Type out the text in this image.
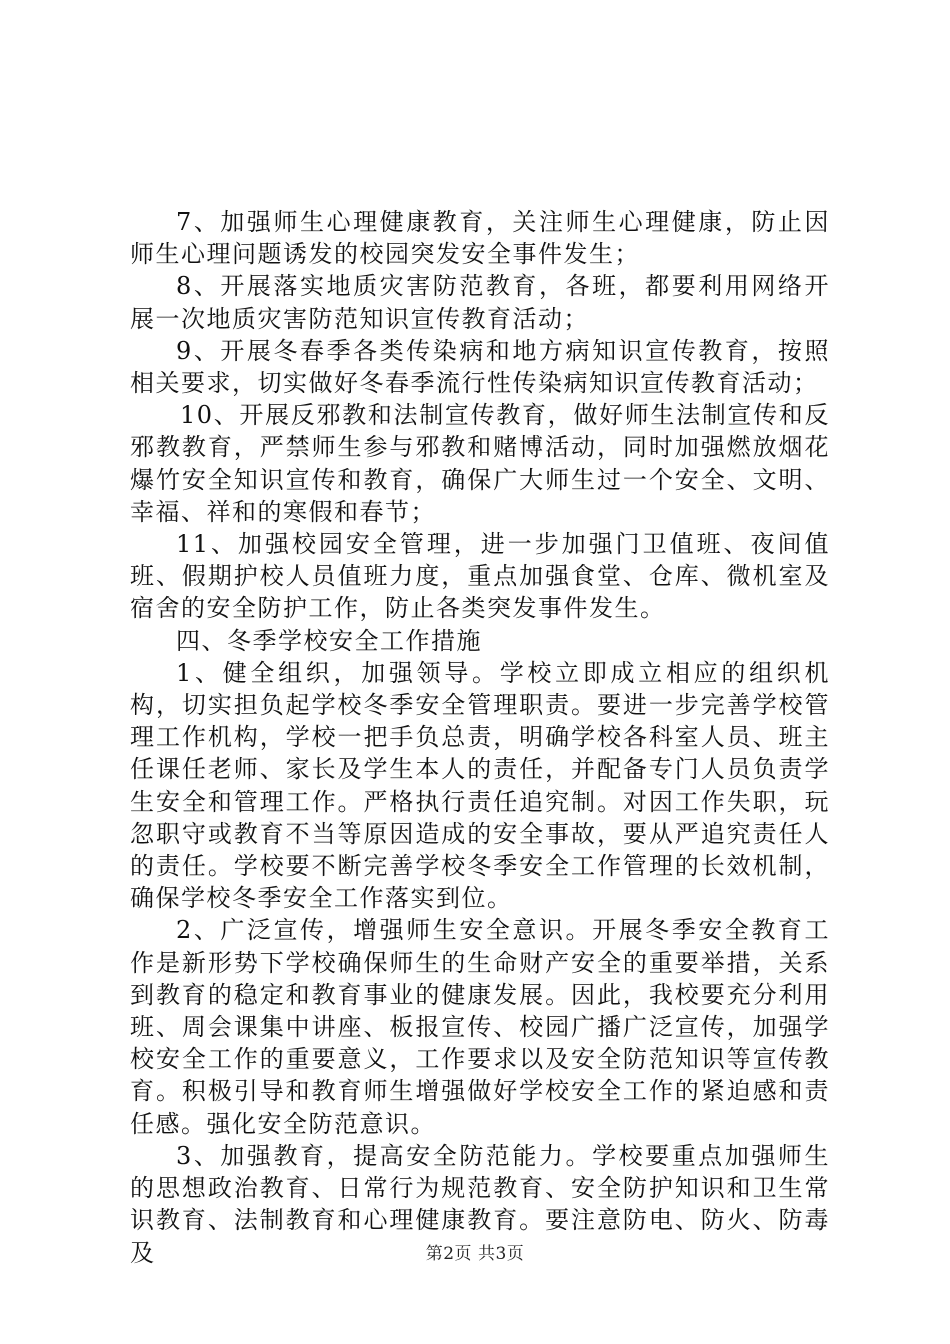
7、加强师生心理健康教育，关注师生心理健康，防止因师生心理问题诱发的校园突发安全事件发生；

8、开展落实地质灾害防范教育，各班，都要利用网络开展一次地质灾害防范知识宣传教育活动；

9、开展冬春季各类传染病和地方病知识宣传教育，按照相关要求，切实做好冬春季流行性传染病知识宣传教育活动；

10、开展反邪教和法制宣传教育，做好师生法制宣传和反邪教教育，严禁师生参与邪教和赌博活动，同时加强燃放烟花爆竹安全知识宣传和教育，确保广大师生过一个安全、文明、幸福、祥和的寒假和春节；

11、加强校园安全管理，进一步加强门卫值班、夜间值班、假期护校人员值班力度，重点加强食堂、仓库、微机室及宿舍的安全防护工作，防止各类突发事件发生。

四、冬季学校安全工作措施

1、健全组织，加强领导。学校立即成立相应的组织机构，切实担负起学校冬季安全管理职责。要进一步完善学校管理工作机构，学校一把手负总责，明确学校各科室人员、班主任课任老师、家长及学生本人的责任，并配备专门人员负责学生安全和管理工作。严格执行责任追究制。对因工作失职，玩忽职守或教育不当等原因造成的安全事故，要从严追究责任人的责任。学校要不断完善学校冬季安全工作管理的长效机制，确保学校冬季安全工作落实到位。

2、广泛宣传，增强师生安全意识。开展冬季安全教育工作是新形势下学校确保师生的生命财产安全的重要举措，关系到教育的稳定和教育事业的健康发展。因此，我校要充分利用班、周会课集中讲座、板报宣传、校园广播广泛宣传，加强学校安全工作的重要意义，工作要求以及安全防范知识等宣传教育。积极引导和教育师生增强做好学校安全工作的紧迫感和责任感。强化安全防范意识。

3、加强教育，提高安全防范能力。学校要重点加强师生的思想政治教育、日常行为规范教育、安全防护知识和卫生常识教育、法制教育和心理健康教育。要注意防电、防火、防毒及	第2页 共3页
